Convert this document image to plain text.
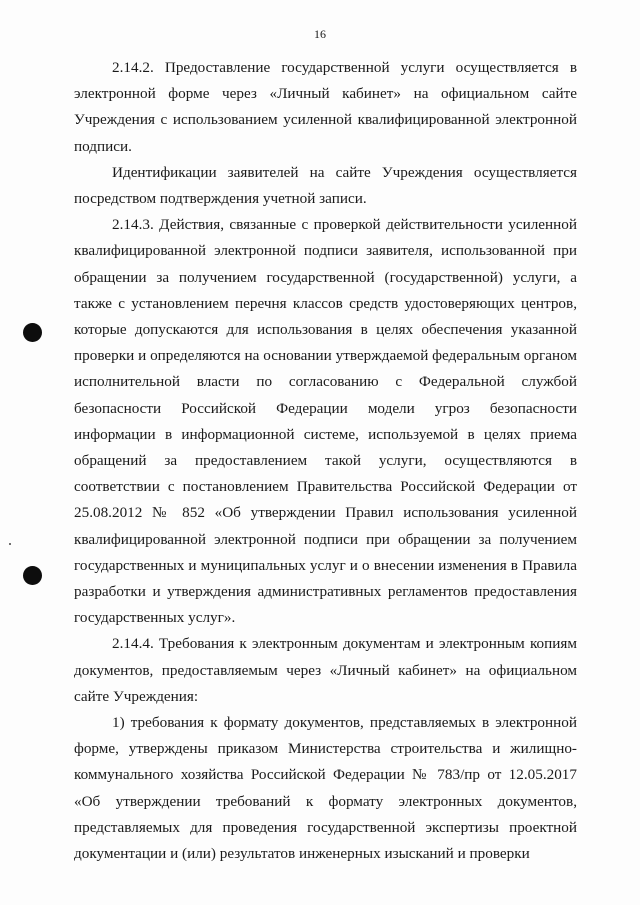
16

2.14.2. Предоставление государственной услуги осуществляется в электронной форме через «Личный кабинет» на официальном сайте Учреждения с использованием усиленной квалифицированной электронной подписи.

Идентификации заявителей на сайте Учреждения осуществляется посредством подтверждения учетной записи.

2.14.3. Действия, связанные с проверкой действительности усиленной квалифицированной электронной подписи заявителя, использованной при обращении за получением государственной (государственной) услуги, а также с установлением перечня классов средств удостоверяющих центров, которые допускаются для использования в целях обеспечения указанной проверки и определяются на основании утверждаемой федеральным органом исполнительной власти по согласованию с Федеральной службой безопасности Российской Федерации модели угроз безопасности информации в информационной системе, используемой в целях приема обращений за предоставлением такой услуги, осуществляются в соответствии с постановлением Правительства Российской Федерации от 25.08.2012 № 852 «Об утверждении Правил использования усиленной квалифицированной электронной подписи при обращении за получением государственных и муниципальных услуг и о внесении изменения в Правила разработки и утверждения административных регламентов предоставления государственных услуг».

2.14.4. Требования к электронным документам и электронным копиям документов, предоставляемым через «Личный кабинет» на официальном сайте Учреждения:

1) требования к формату документов, представляемых в электронной форме, утверждены приказом Министерства строительства и жилищно-коммунального хозяйства Российской Федерации № 783/пр от 12.05.2017 «Об утверждении требований к формату электронных документов, представляемых для проведения государственной экспертизы проектной документации и (или) результатов инженерных изысканий и проверки
